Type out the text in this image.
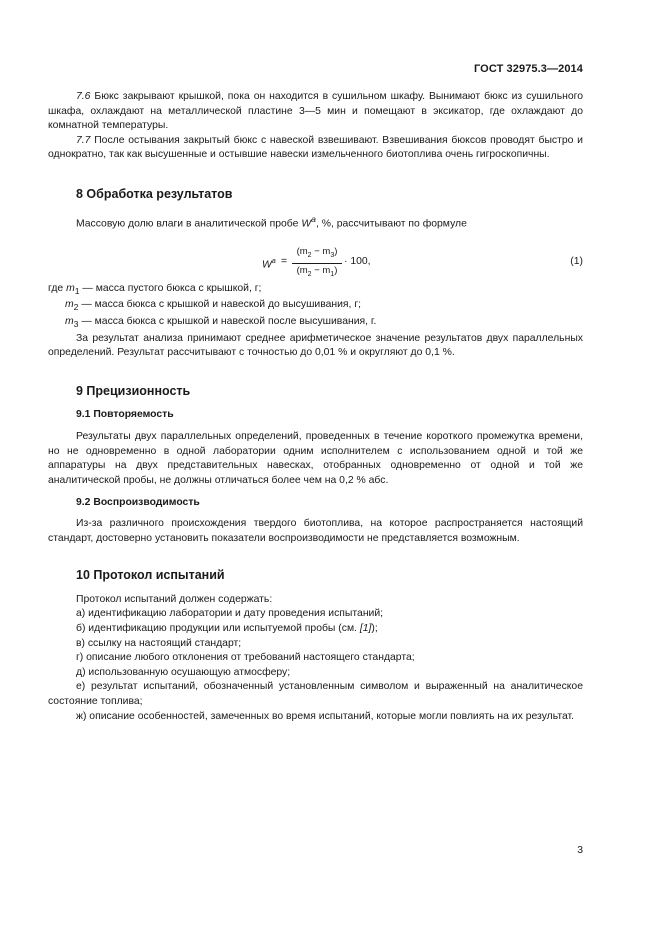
ГОСТ 32975.3—2014

7.6 Бюкс закрывают крышкой, пока он находится в сушильном шкафу. Вынимают бюкс из сушильного шкафа, охлаждают на металлической пластине 3—5 мин и помещают в эксикатор, где охлаждают до комнатной температуры.

7.7 После остывания закрытый бюкс с навеской взвешивают. Взвешивания бюксов проводят быстро и однократно, так как высушенные и остывшие навески измельченного биотоплива очень гигроскопичны.

8 Обработка результатов

Массовую долю влаги в аналитической пробе $W^a$, %, рассчитывают по формуле

$W^a$ =
$(m_2 - m_3)$
$(m_2 - m_1)$
· 100,	(1)

где $m_1$ — масса пустого бюкса с крышкой, г;

$m_2$ — масса бюкса с крышкой и навеской до высушивания, г;

$m_3$ — масса бюкса с крышкой и навеской после высушивания, г.

За результат анализа принимают среднее арифметическое значение результатов двух параллельных определений. Результат рассчитывают с точностью до 0,01 % и округляют до 0,1 %.

9 Прецизионность
9.1 Повторяемость

Результаты двух параллельных определений, проведенных в течение короткого промежутка времени, но не одновременно в одной лаборатории одним исполнителем с использованием одной и той же аппаратуры на двух представительных навесках, отобранных одновременно от одной и той же аналитической пробы, не должны отличаться более чем на 0,2 % абс.

9.2 Воспроизводимость

Из-за различного происхождения твердого биотоплива, на которое распространяется настоящий стандарт, достоверно установить показатели воспроизводимости не представляется возможным.

10 Протокол испытаний

Протокол испытаний должен содержать:

а) идентификацию лаборатории и дату проведения испытаний;

б) идентификацию продукции или испытуемой пробы (см. [1]);

в) ссылку на настоящий стандарт;

г) описание любого отклонения от требований настоящего стандарта;

д) использованную осушающую атмосферу;

е) результат испытаний, обозначенный установленным символом и выраженный на аналитическое состояние топлива;

ж) описание особенностей, замеченных во время испытаний, которые могли повлиять на их результат.

3
